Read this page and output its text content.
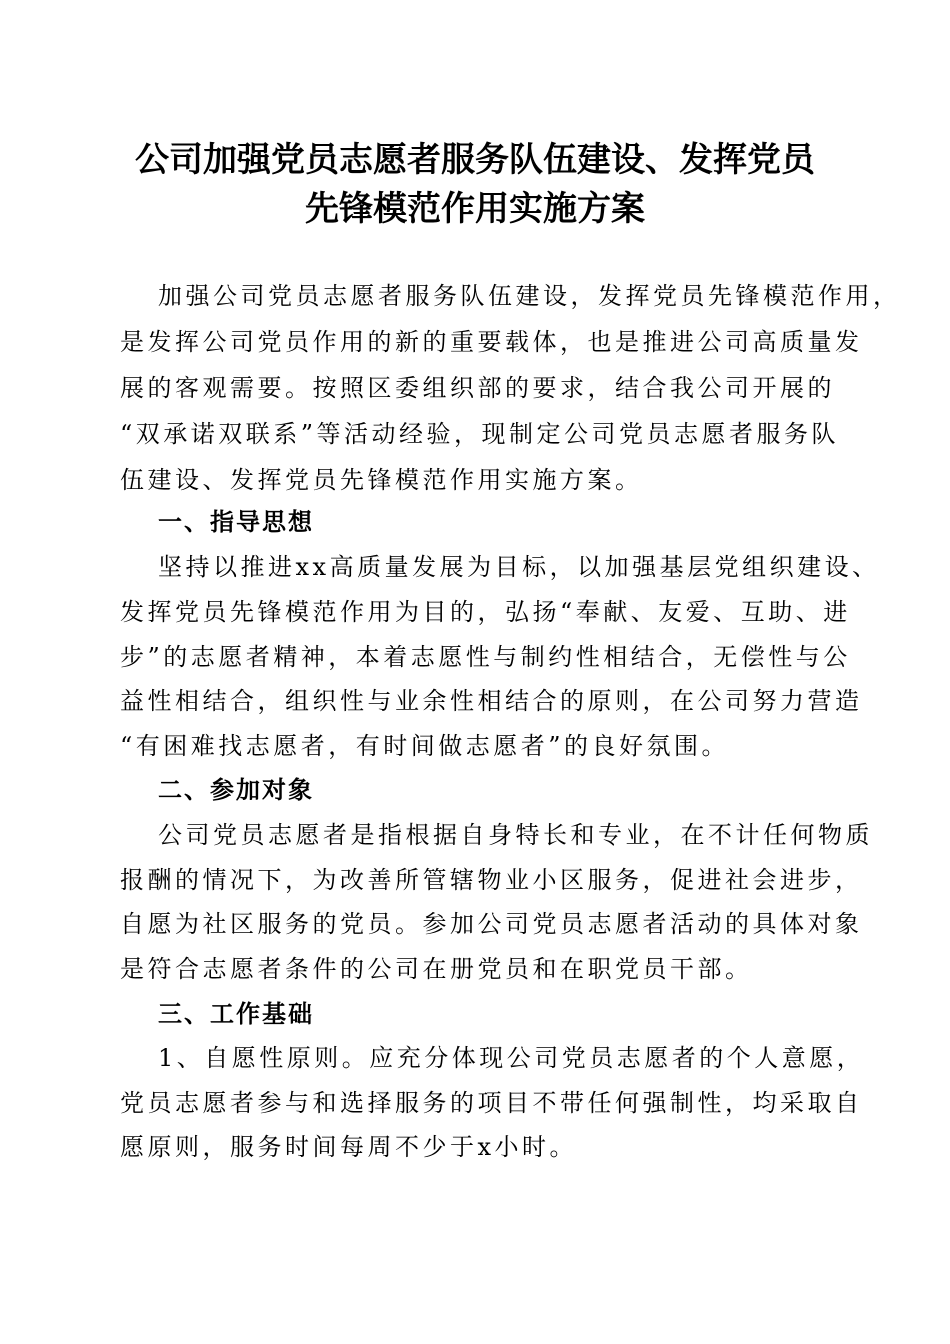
公司加强党员志愿者服务队伍建设、发挥党员
先锋模范作用实施方案

加强公司党员志愿者服务队伍建设，发挥党员先锋模范作用，

是发挥公司党员作用的新的重要载体，也是推进公司高质量发

展的客观需要。按照区委组织部的要求，结合我公司开展的

“双承诺双联系”等活动经验，现制定公司党员志愿者服务队

伍建设、发挥党员先锋模范作用实施方案。

一、指导思想

坚持以推进xx高质量发展为目标，以加强基层党组织建设、

发挥党员先锋模范作用为目的，弘扬“奉献、友爱、互助、进

步”的志愿者精神，本着志愿性与制约性相结合，无偿性与公

益性相结合，组织性与业余性相结合的原则，在公司努力营造

“有困难找志愿者，有时间做志愿者”的良好氛围。

二、参加对象

公司党员志愿者是指根据自身特长和专业，在不计任何物质

报酬的情况下，为改善所管辖物业小区服务，促进社会进步，

自愿为社区服务的党员。参加公司党员志愿者活动的具体对象

是符合志愿者条件的公司在册党员和在职党员干部。

三、工作基础

1、自愿性原则。应充分体现公司党员志愿者的个人意愿，

党员志愿者参与和选择服务的项目不带任何强制性，均采取自

愿原则，服务时间每周不少于x小时。
